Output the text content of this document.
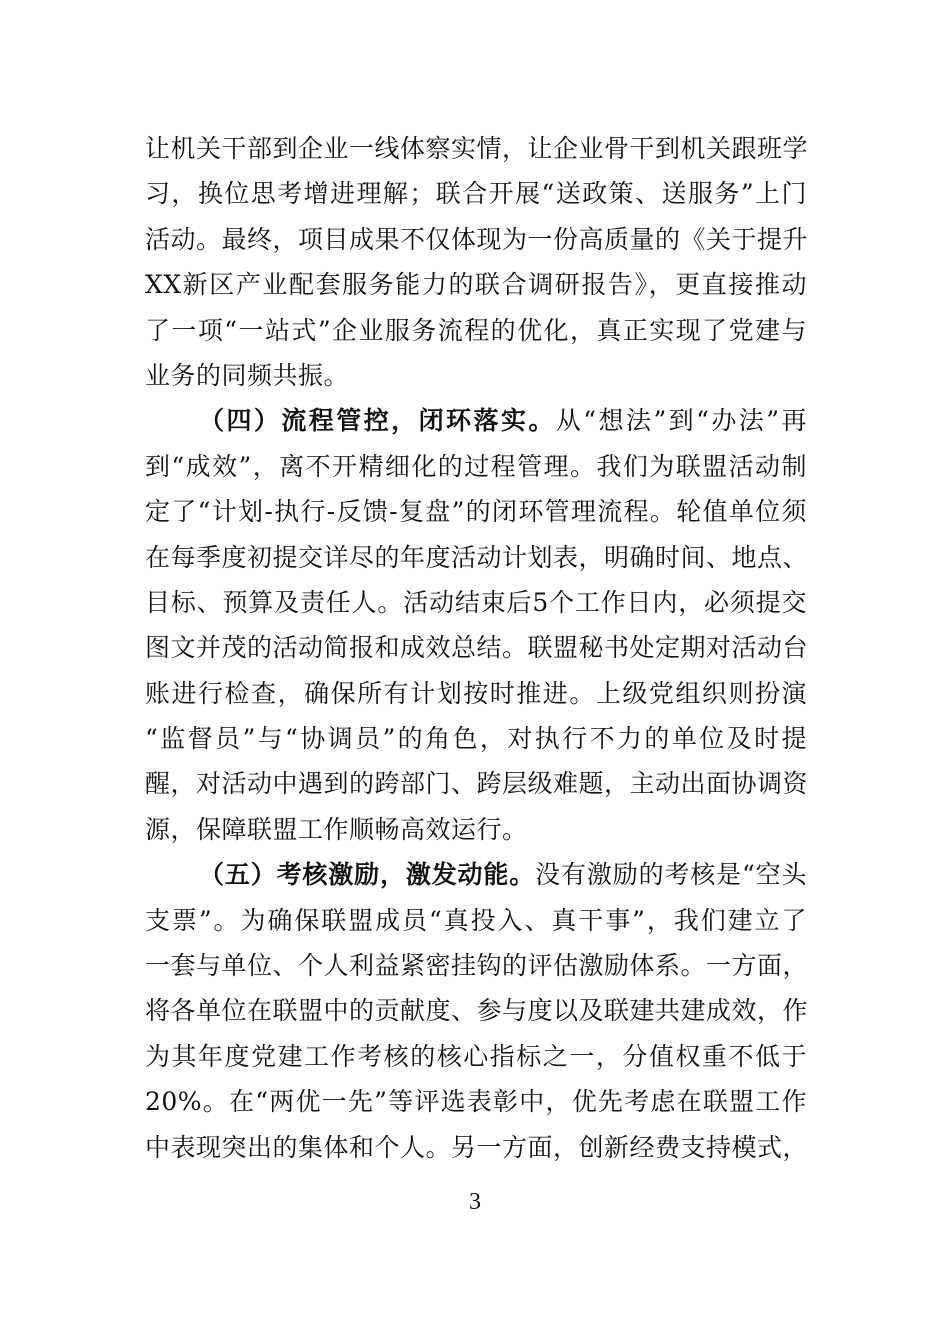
让机关干部到企业一线体察实情，让企业骨干到机关跟班学
习，换位思考增进理解；联合开展“送政策、送服务”上门
活动。最终，项目成果不仅体现为一份高质量的《关于提升
XX新区产业配套服务能力的联合调研报告》，更直接推动
了一项“一站式”企业服务流程的优化，真正实现了党建与
业务的同频共振。
（四）流程管控，闭环落实。从“想法”到“办法”再
到“成效”，离不开精细化的过程管理。我们为联盟活动制
定了“计划-执行-反馈-复盘”的闭环管理流程。轮值单位须
在每季度初提交详尽的年度活动计划表，明确时间、地点、
目标、预算及责任人。活动结束后5个工作日内，必须提交
图文并茂的活动简报和成效总结。联盟秘书处定期对活动台
账进行检查，确保所有计划按时推进。上级党组织则扮演
“监督员”与“协调员”的角色，对执行不力的单位及时提
醒，对活动中遇到的跨部门、跨层级难题，主动出面协调资
源，保障联盟工作顺畅高效运行。
（五）考核激励，激发动能。没有激励的考核是“空头
支票”。为确保联盟成员“真投入、真干事”，我们建立了
一套与单位、个人利益紧密挂钩的评估激励体系。一方面，
将各单位在联盟中的贡献度、参与度以及联建共建成效，作
为其年度党建工作考核的核心指标之一，分值权重不低于
20%。在“两优一先”等评选表彰中，优先考虑在联盟工作
中表现突出的集体和个人。另一方面，创新经费支持模式，
3
